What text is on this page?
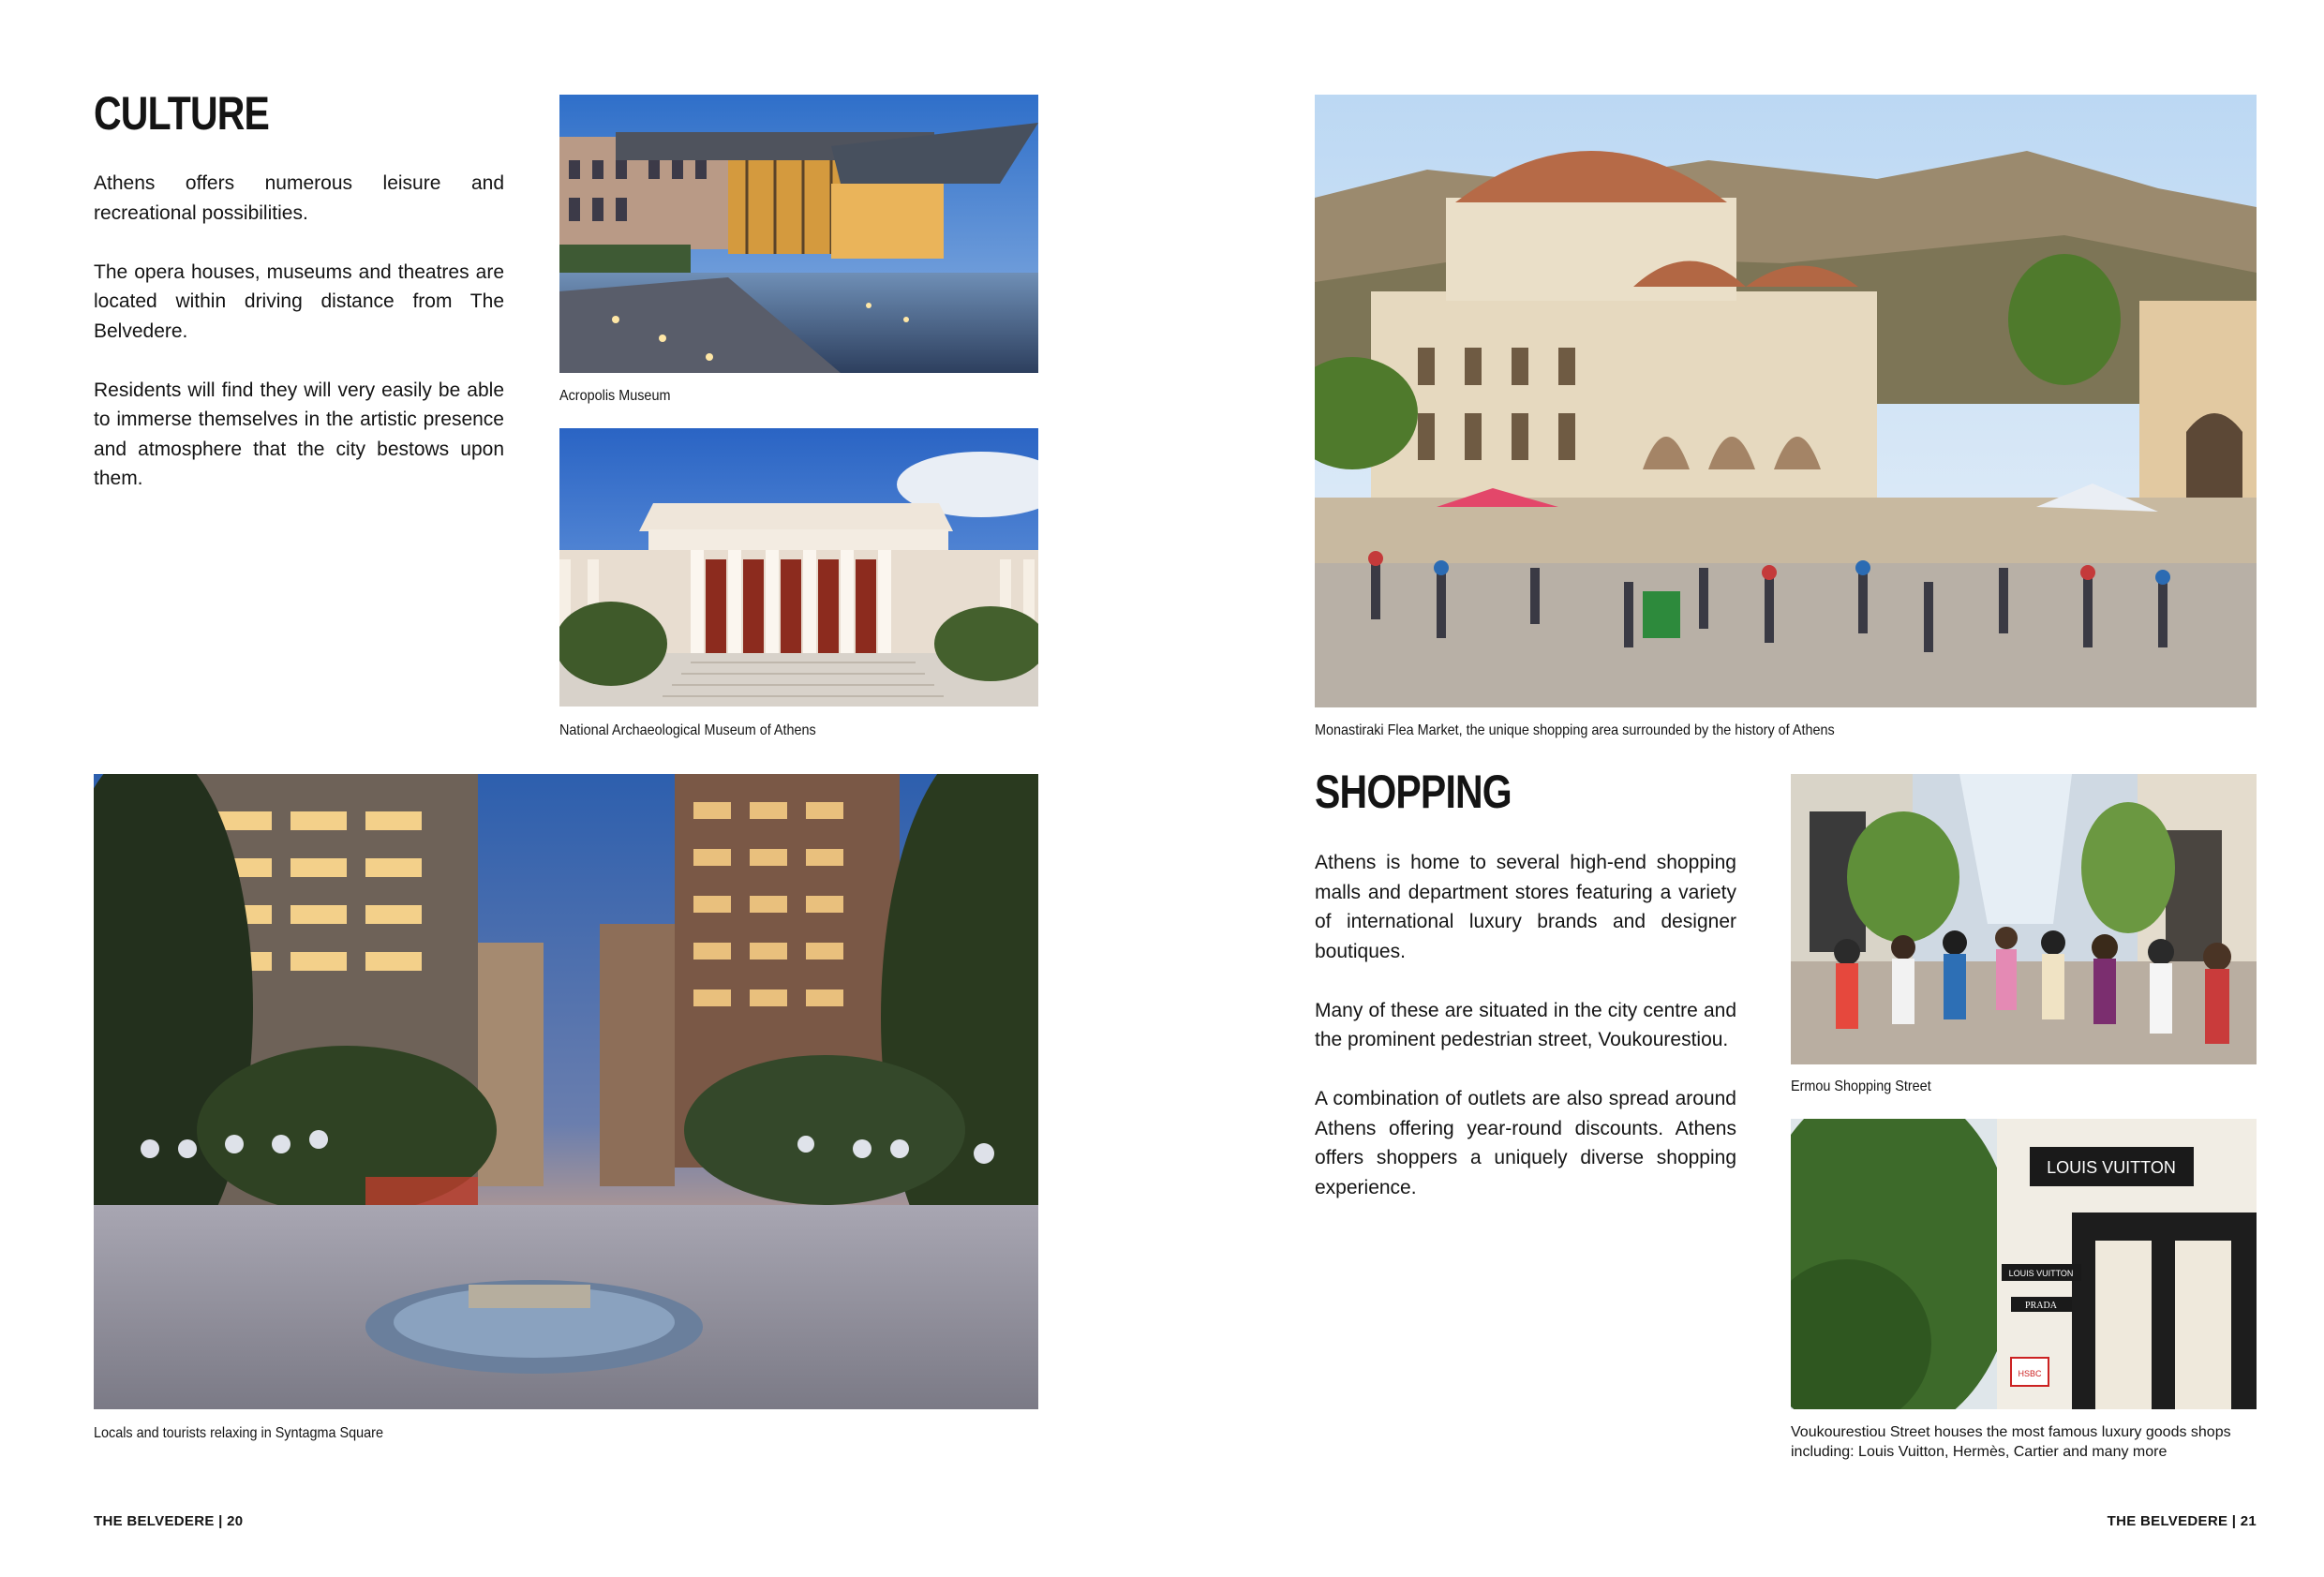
CULTURE

Athens offers numerous leisure and recreational possibilities.

The opera houses, museums and theatres are located within driving distance from The Belvedere.

Residents will find they will very easily be able to immerse themselves in the artistic presence and atmosphere that the city bestows upon them.

Acropolis Museum
National Archaeological Museum of Athens
Locals and tourists relaxing in Syntagma Square
THE BELVEDERE | 20
Monastiraki Flea Market, the unique shopping area surrounded by the history of Athens
SHOPPING

Athens is home to several high-end shopping malls and department stores featuring a variety of international luxury brands and designer boutiques.

Many of these are situated in the city centre and the prominent pedestrian street, Voukourestiou.

A combination of outlets are also spread around Athens offering year-round discounts. Athens offers shoppers a uniquely diverse shopping experience.

Ermou Shopping Street
LOUIS VUITTON
LOUIS VUITTON
PRADA
HSBC
Voukourestiou Street houses the most famous luxury goods shops including: Louis Vuitton, Hermès, Cartier and many more
THE BELVEDERE | 21
